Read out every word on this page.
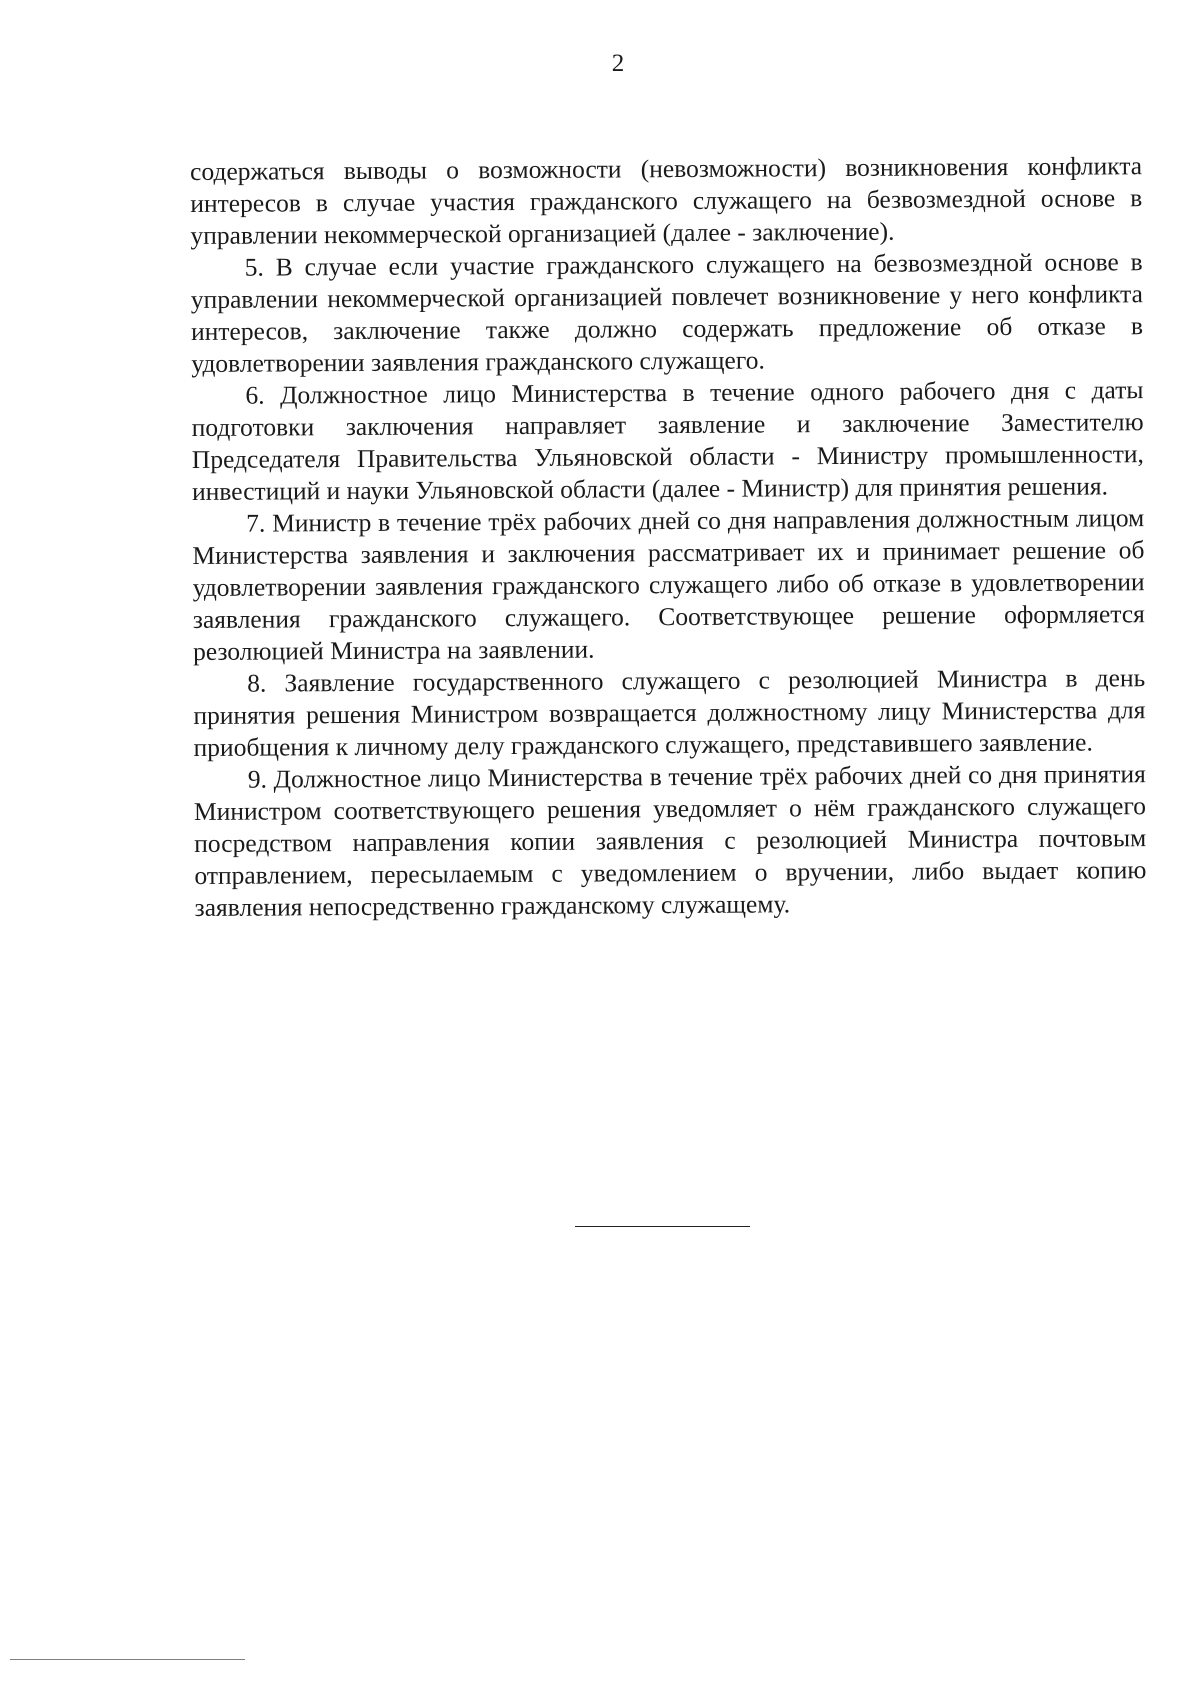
2

содержаться выводы о возможности (невозможности) возникновения конфликта интересов в случае участия гражданского служащего на безвозмездной основе в управлении некоммерческой организацией (далее - заключение).

5. В случае если участие гражданского служащего на безвозмездной основе в управлении некоммерческой организацией повлечет возникновение у него конфликта интересов, заключение также должно содержать предложение об отказе в удовлетворении заявления гражданского служащего.

6. Должностное лицо Министерства в течение одного рабочего дня с даты подготовки заключения направляет заявление и заключение Заместителю Председателя Правительства Ульяновской области - Министру промышленности, инвестиций и науки Ульяновской области (далее - Министр) для принятия решения.

7. Министр в течение трёх рабочих дней со дня направления должностным лицом Министерства заявления и заключения рассматривает их и принимает решение об удовлетворении заявления гражданского служащего либо об отказе в удовлетворении заявления гражданского служащего. Соответствующее решение оформляется резолюцией Министра на заявлении.

8. Заявление государственного служащего с резолюцией Министра в день принятия решения Министром возвращается должностному лицу Министерства для приобщения к личному делу гражданского служащего, представившего заявление.

9. Должностное лицо Министерства в течение трёх рабочих дней со дня принятия Министром соответствующего решения уведомляет о нём гражданского служащего посредством направления копии заявления с резолюцией Министра почтовым отправлением, пересылаемым с уведомлением о вручении, либо выдает копию заявления непосредственно гражданскому служащему.
